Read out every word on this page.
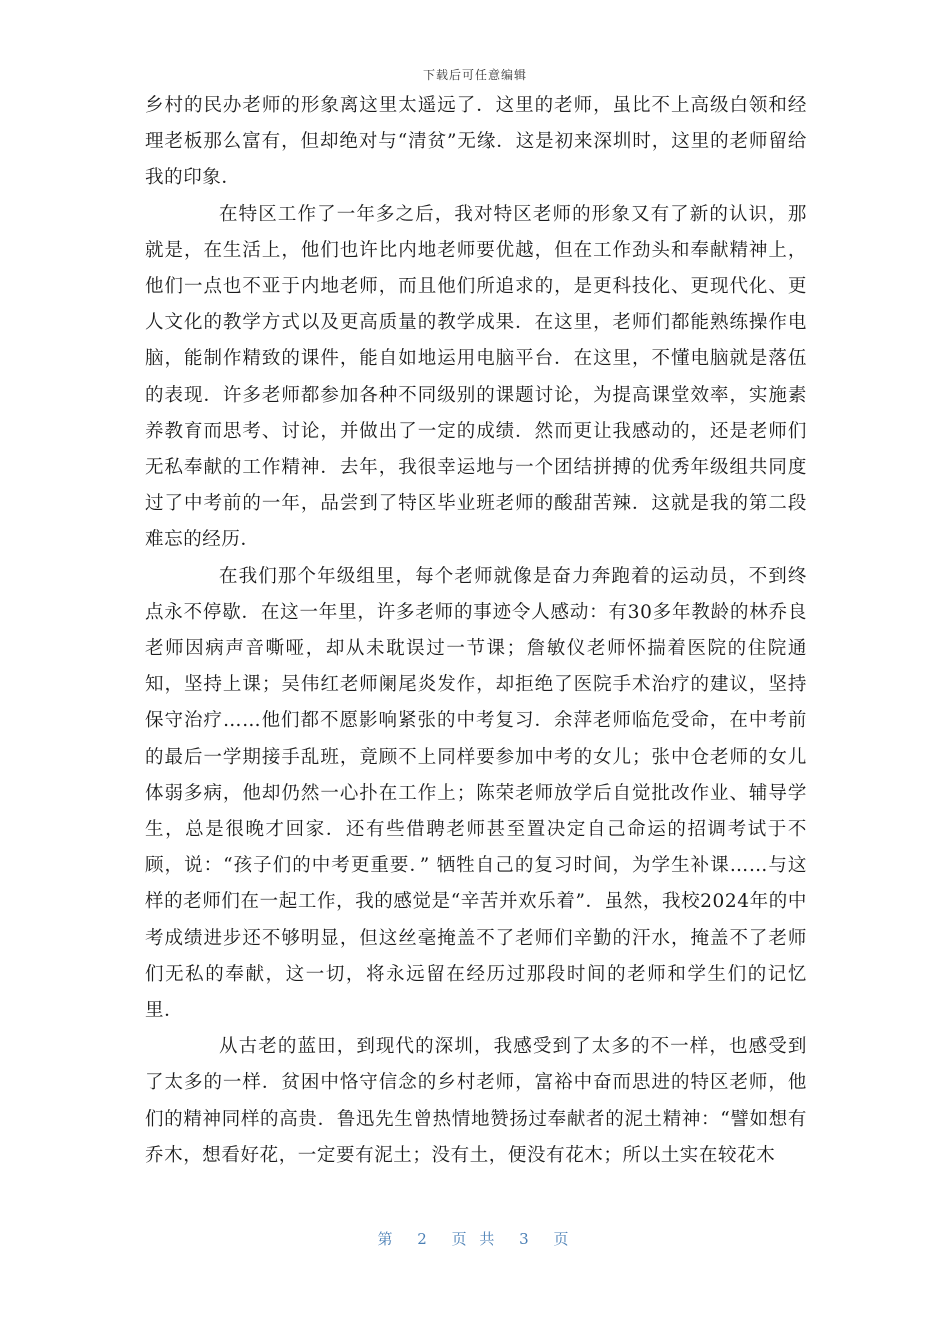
下载后可任意编辑

乡村的民办老师的形象离这里太遥远了．这里的老师，虽比不上高级白领和经理老板那么富有，但却绝对与“清贫”无缘．这是初来深圳时，这里的老师留给我的印象．

在特区工作了一年多之后，我对特区老师的形象又有了新的认识，那就是，在生活上，他们也许比内地老师要优越，但在工作劲头和奉献精神上，他们一点也不亚于内地老师，而且他们所追求的，是更科技化、更现代化、更人文化的教学方式以及更高质量的教学成果．在这里，老师们都能熟练操作电脑，能制作精致的课件，能自如地运用电脑平台．在这里，不懂电脑就是落伍的表现．许多老师都参加各种不同级别的课题讨论，为提高课堂效率，实施素养教育而思考、讨论，并做出了一定的成绩．然而更让我感动的，还是老师们无私奉献的工作精神．去年，我很幸运地与一个团结拼搏的优秀年级组共同度过了中考前的一年，品尝到了特区毕业班老师的酸甜苦辣．这就是我的第二段难忘的经历．

在我们那个年级组里，每个老师就像是奋力奔跑着的运动员，不到终点永不停歇．在这一年里，许多老师的事迹令人感动：有30多年教龄的林乔良老师因病声音嘶哑，却从未耽误过一节课；詹敏仪老师怀揣着医院的住院通知，坚持上课；吴伟红老师阑尾炎发作，却拒绝了医院手术治疗的建议，坚持保守治疗……他们都不愿影响紧张的中考复习．余萍老师临危受命，在中考前的最后一学期接手乱班，竟顾不上同样要参加中考的女儿；张中仓老师的女儿体弱多病，他却仍然一心扑在工作上；陈荣老师放学后自觉批改作业、辅导学生，总是很晚才回家．还有些借聘老师甚至置决定自己命运的招调考试于不顾，说：“孩子们的中考更重要．” 牺牲自己的复习时间，为学生补课……与这样的老师们在一起工作，我的感觉是“辛苦并欢乐着”．虽然，我校2024年的中考成绩进步还不够明显，但这丝毫掩盖不了老师们辛勤的汗水，掩盖不了老师们无私的奉献，这一切，将永远留在经历过那段时间的老师和学生们的记忆里．

从古老的蓝田，到现代的深圳，我感受到了太多的不一样，也感受到了太多的一样．贫困中恪守信念的乡村老师，富裕中奋而思进的特区老师，他们的精神同样的高贵．鲁迅先生曾热情地赞扬过奉献者的泥土精神：“譬如想有乔木，想看好花，一定要有泥土；没有土，便没有花木；所以土实在较花木

第 2 页 共 3 页
